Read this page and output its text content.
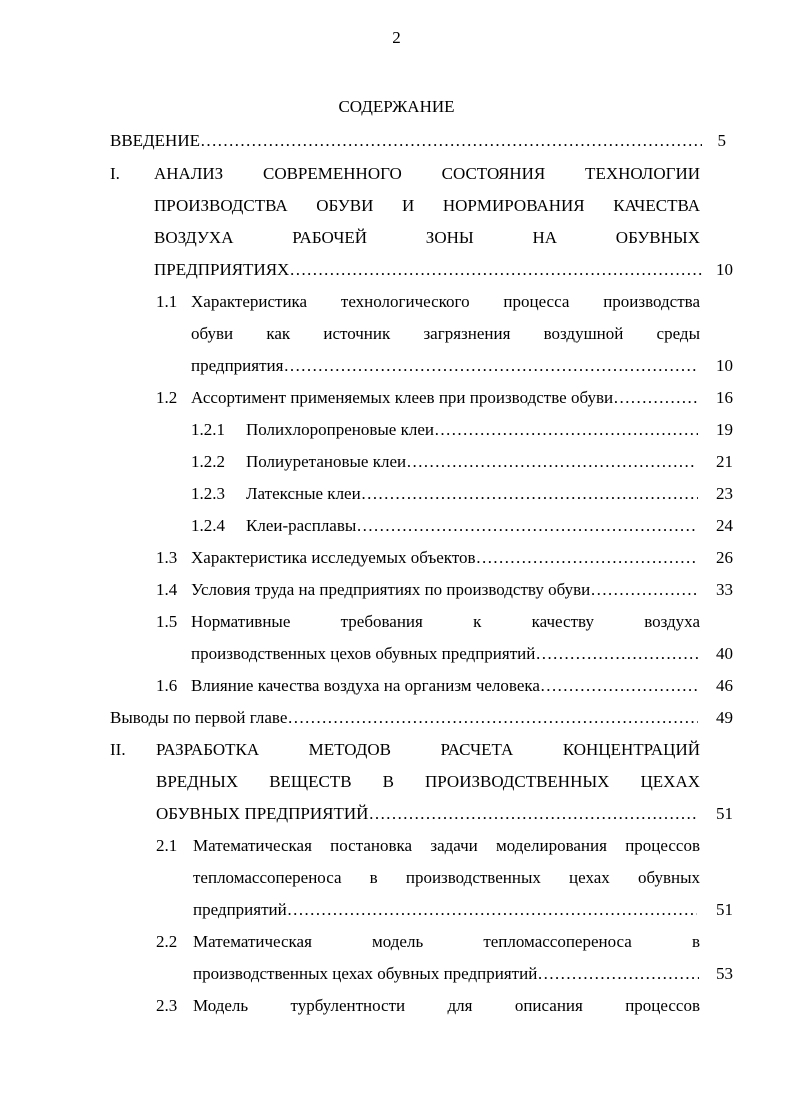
2
СОДЕРЖАНИЕ
ВВЕДЕНИЕ …………………………………………………………………………………………………………	5
I. АНАЛИЗ СОВРЕМЕННОГО СОСТОЯНИЯ ТЕХНОЛОГИИ
ПРОИЗВОДСТВА ОБУВИ И НОРМИРОВАНИЯ КАЧЕСТВА
ВОЗДУХА РАБОЧЕЙ ЗОНЫ НА ОБУВНЫХ
ПРЕДПРИЯТИЯХ …………………………………………………………………………………………………………	10
1.1 Характеристика технологического процесса производства
обуви как источник загрязнения воздушной среды
предприятия …………………………………………………………………………………………………………	10
1.2 Ассортимент применяемых клеев при производстве обуви …………………………………………………………………………………………………………	16
1.2.1 Полихлоропреновые клеи …………………………………………………………………………………………………………	19
1.2.2 Полиуретановые клеи …………………………………………………………………………………………………………	21
1.2.3 Латексные клеи …………………………………………………………………………………………………………	23
1.2.4 Клеи-расплавы …………………………………………………………………………………………………………	24
1.3 Характеристика исследуемых объектов …………………………………………………………………………………………………………	26
1.4 Условия труда на предприятиях по производству обуви …………………………………………………………………………………………………………	33
1.5 Нормативные требования к качеству воздуха
производственных цехов обувных предприятий …………………………………………………………………………………………………………	40
1.6 Влияние качества воздуха на организм человека …………………………………………………………………………………………………………	46
Выводы по первой главе …………………………………………………………………………………………………………	49
II. РАЗРАБОТКА МЕТОДОВ РАСЧЕТА КОНЦЕНТРАЦИЙ
ВРЕДНЫХ ВЕЩЕСТВ В ПРОИЗВОДСТВЕННЫХ ЦЕХАХ
ОБУВНЫХ ПРЕДПРИЯТИЙ …………………………………………………………………………………………………………	51
2.1 Математическая постановка задачи моделирования процессов
тепломассопереноса в производственных цехах обувных
предприятий …………………………………………………………………………………………………………	51
2.2 Математическая модель тепломассопереноса в
производственных цехах обувных предприятий …………………………………………………………………………………………………………	53
2.3 Модель турбулентности для описания процессов
